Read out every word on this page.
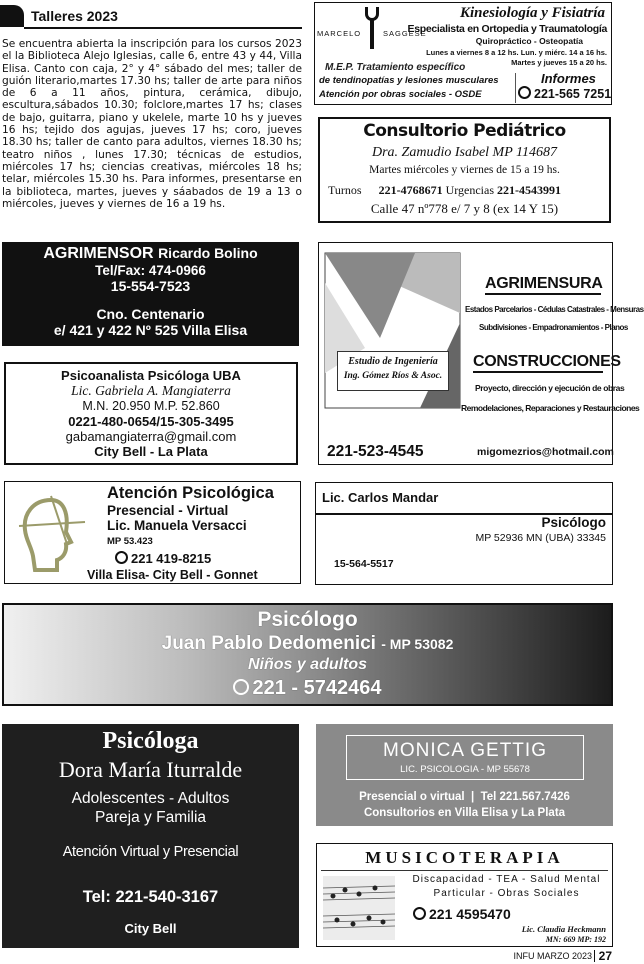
Talleres 2023
Se encuentra abierta la inscripción para los cursos 2023 el la Biblioteca Alejo Iglesias, calle 6, entre 43 y 44, Villa Elisa. Canto con caja, 2° y 4° sábado del mes; taller de guión literario,martes 17.30 hs; taller de arte para niños de 6 a 11 años, pintura, cerámica, dibujo, escultura,sábados 10.30; folclore,martes 17 hs; clases de bajo, guitarra, piano y ukelele, marte 10 hs y jueves 16 hs; tejido dos agujas, jueves 17 hs; coro, jueves 18.30 hs; taller de canto para adultos, viernes 18.30 hs; teatro niños , lunes 17.30; técnicas de estudios, miércoles 17 hs; ciencias creativas, miércoles 18 hs; telar, miércoles 15.30 hs. Para informes, presentarse en la biblioteca, martes, jueves y sáabados de 19 a 13 o miércoles, jueves y viernes de 16 a 19 hs.
MARCELO	SAGGESE
Kinesiología y Fisiatría
Especialista en Ortopedia y Traumatología
Quiropráctico - Osteopatía
Lunes a viernes 8 a 12 hs. Lun. y miérc. 14 a 16 hs.
Martes y jueves 15 a 20 hs.
M.E.P. Tratamiento específico
de tendinopatías y lesiones musculares
Atención por obras sociales - OSDE
Informes
221-565 7251
Consultorio Pediátrico
Dra. Zamudio Isabel MP 114687
Martes miércoles y viernes de 15 a 19 hs.
Turnos 221-4768671 Urgencias 221-4543991
Calle 47 nº778 e/ 7 y 8 (ex 14 Y 15)
AGRIMENSOR Ricardo Bolino
Tel/Fax: 474-0966
15-554-7523
Cno. Centenario
e/ 421 y 422 Nº 525 Villa Elisa
Estudio de Ingeniería
Ing. Gómez Ríos & Asoc.
AGRIMENSURA
Estados Parcelarios - Cédulas Catastrales - Mensuras
Subdivisiones - Empadronamientos - Planos
CONSTRUCCIONES
Proyecto, dirección y ejecución de obras
Remodelaciones, Reparaciones y Restauraciones
221-523-4545	migomezrios@hotmail.com
Psicoanalista Psicóloga UBA
Lic. Gabriela A. Mangiaterra
M.N. 20.950 M.P. 52.860
0221-480-0654/15-305-3495
gabamangiaterra@gmail.com
City Bell - La Plata
Atención Psicológica
Presencial - Virtual
Lic. Manuela Versacci
MP 53.423
221 419-8215
Villa Elisa- City Bell - Gonnet
Lic. Carlos Mandar
Psicólogo
MP 52936 MN (UBA) 33345
15-564-5517
Psicólogo
Juan Pablo Dedomenici - MP 53082
Niños y adultos
221 - 5742464
Psicóloga
Dora María Iturralde
Adolescentes - Adultos
Pareja y Familia
Atención Virtual y Presencial
Tel: 221-540-3167
City Bell
MONICA GETTIG
LIC. PSICOLOGIA - MP 55678
Presencial o virtual  |  Tel 221.567.7426
Consultorios en Villa Elisa y La Plata
MUSICOTERAPIA
Discapacidad - TEA - Salud Mental
Particular - Obras Sociales
221 4595470
Lic. Claudia Heckmann
MN: 669 MP: 192
INFU MARZO 2023 27
